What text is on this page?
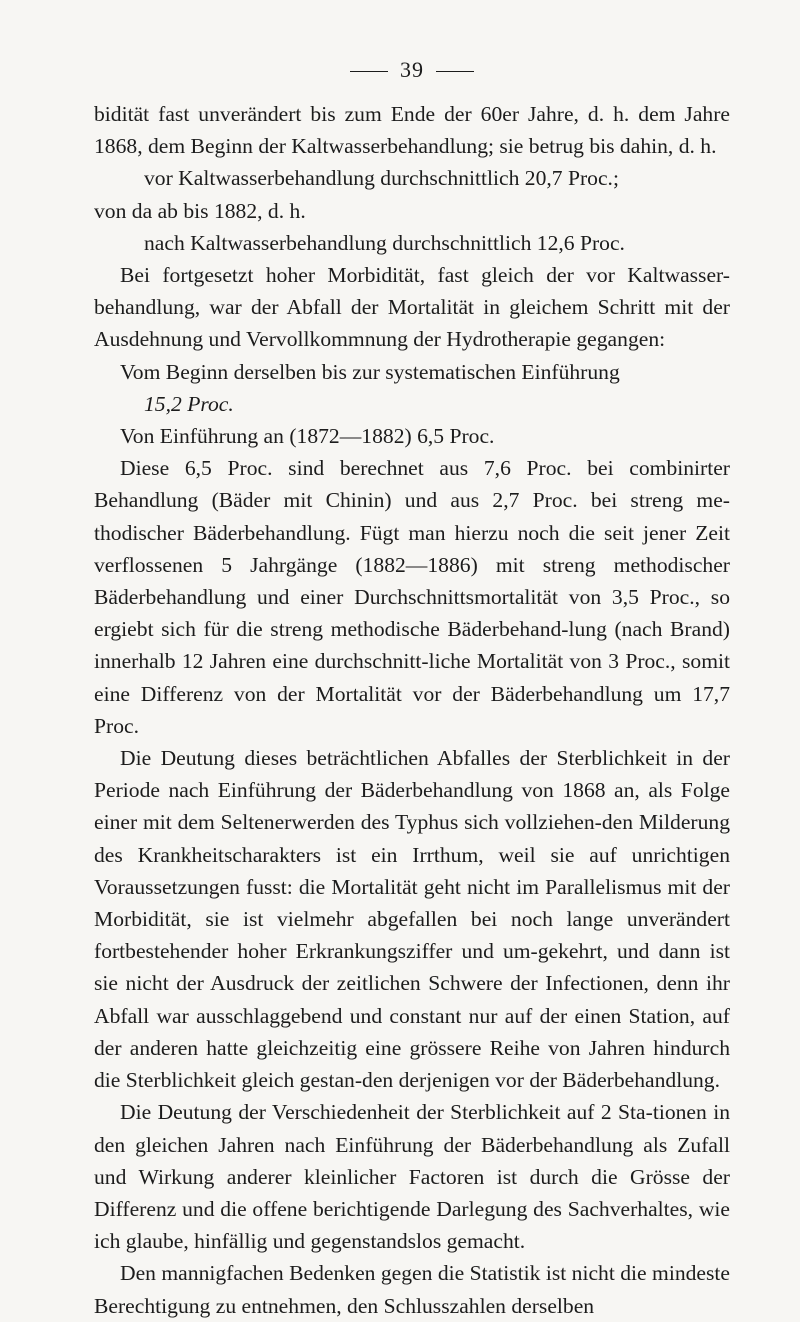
39

bidität fast unverändert bis zum Ende der 60er Jahre, d. h. dem Jahre 1868, dem Beginn der Kaltwasserbehandlung; sie betrug bis dahin, d. h.

vor Kaltwasserbehandlung durchschnittlich 20,7 Proc.;

von da ab bis 1882, d. h.

nach Kaltwasserbehandlung durchschnittlich 12,6 Proc.

Bei fortgesetzt hoher Morbidität, fast gleich der vor Kaltwasser-behandlung, war der Abfall der Mortalität in gleichem Schritt mit der Ausdehnung und Vervollkommnung der Hydrotherapie gegangen:

Vom Beginn derselben bis zur systematischen Einführung

15,2 Proc.

Von Einführung an (1872—1882) 6,5 Proc.

Diese 6,5 Proc. sind berechnet aus 7,6 Proc. bei combinirter Behandlung (Bäder mit Chinin) und aus 2,7 Proc. bei streng me-thodischer Bäderbehandlung. Fügt man hierzu noch die seit jener Zeit verflossenen 5 Jahrgänge (1882—1886) mit streng methodischer Bäderbehandlung und einer Durchschnittsmortalität von 3,5 Proc., so ergiebt sich für die streng methodische Bäderbehand-lung (nach Brand) innerhalb 12 Jahren eine durchschnitt-liche Mortalität von 3 Proc., somit eine Differenz von der Mortalität vor der Bäderbehandlung um 17,7 Proc.

Die Deutung dieses beträchtlichen Abfalles der Sterblichkeit in der Periode nach Einführung der Bäderbehandlung von 1868 an, als Folge einer mit dem Seltenerwerden des Typhus sich vollziehen-den Milderung des Krankheitscharakters ist ein Irrthum, weil sie auf unrichtigen Voraussetzungen fusst: die Mortalität geht nicht im Parallelismus mit der Morbidität, sie ist vielmehr abgefallen bei noch lange unverändert fortbestehender hoher Erkrankungsziffer und um-gekehrt, und dann ist sie nicht der Ausdruck der zeitlichen Schwere der Infectionen, denn ihr Abfall war ausschlaggebend und constant nur auf der einen Station, auf der anderen hatte gleichzeitig eine grössere Reihe von Jahren hindurch die Sterblichkeit gleich gestan-den derjenigen vor der Bäderbehandlung.

Die Deutung der Verschiedenheit der Sterblichkeit auf 2 Sta-tionen in den gleichen Jahren nach Einführung der Bäderbehandlung als Zufall und Wirkung anderer kleinlicher Factoren ist durch die Grösse der Differenz und die offene berichtigende Darlegung des Sachverhaltes, wie ich glaube, hinfällig und gegenstandslos gemacht.

Den mannigfachen Bedenken gegen die Statistik ist nicht die mindeste Berechtigung zu entnehmen, den Schlusszahlen derselben
